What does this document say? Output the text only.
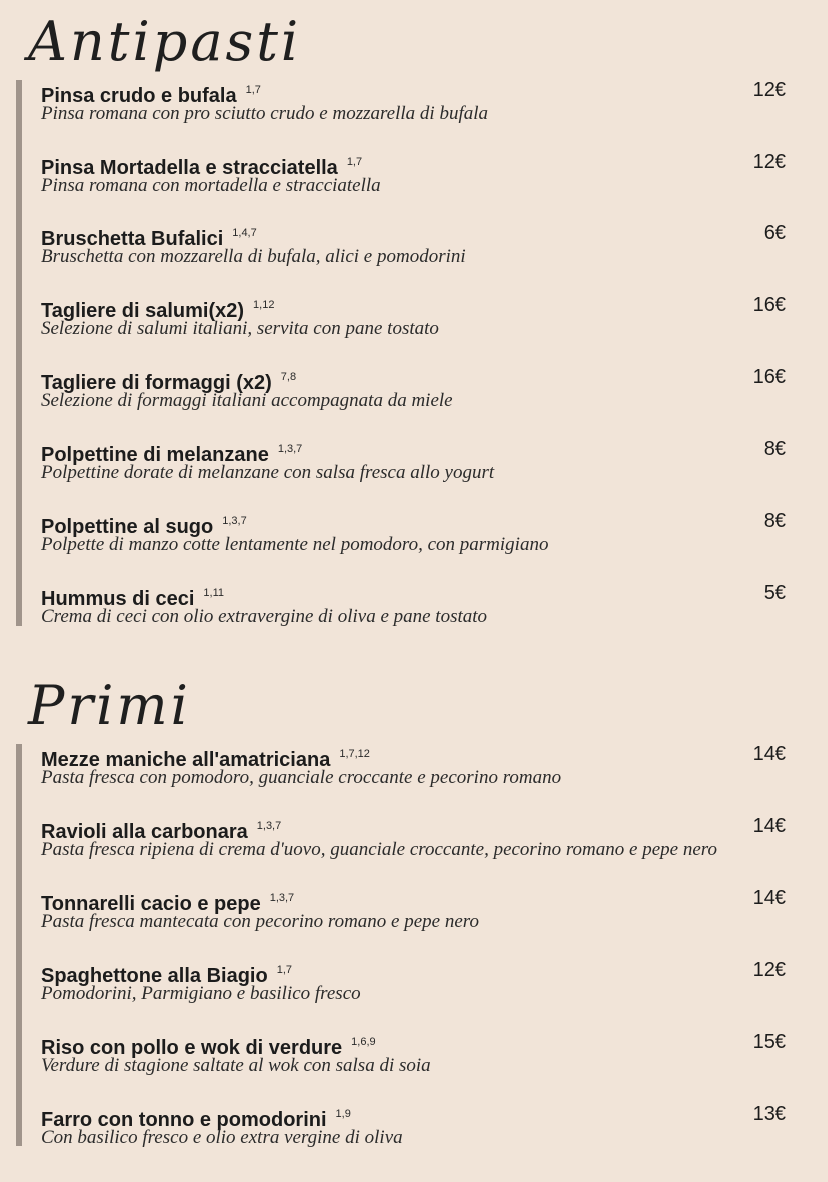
Antipasti
Pinsa crudo e bufala $^{1,7}$
Pinsa romana con pro sciutto crudo e mozzarella di bufala
12€
Pinsa Mortadella e stracciatella $^{1,7}$
Pinsa romana con mortadella e stracciatella
12€
Bruschetta Bufalici $^{1,4,7}$
Bruschetta con mozzarella di bufala, alici e pomodorini
6€
Tagliere di salumi(x2) $^{1,12}$
Selezione di salumi italiani, servita con pane tostato
16€
Tagliere di formaggi (x2) $^{7,8}$
Selezione di formaggi italiani accompagnata da miele
16€
Polpettine di melanzane $^{1,3,7}$
Polpettine dorate di melanzane con salsa fresca allo yogurt
8€
Polpettine al sugo $^{1,3,7}$
Polpette di manzo cotte lentamente nel pomodoro, con parmigiano
8€
Hummus di ceci $^{1,11}$
Crema di ceci con olio extravergine di oliva e pane tostato
5€
Primi
Mezze maniche all'amatriciana $^{1,7,12}$
Pasta fresca con pomodoro, guanciale croccante e pecorino romano
14€
Ravioli alla carbonara $^{1,3,7}$
Pasta fresca ripiena di crema d'uovo, guanciale croccante, pecorino romano e pepe nero
14€
Tonnarelli cacio e pepe $^{1,3,7}$
Pasta fresca mantecata con pecorino romano e pepe nero
14€
Spaghettone alla Biagio $^{1,7}$
Pomodorini, Parmigiano e basilico fresco
12€
Riso con pollo e wok di verdure $^{1,6,9}$
Verdure di stagione saltate al wok con salsa di soia
15€
Farro con tonno e pomodorini $^{1,9}$
Con basilico fresco e olio extra vergine di oliva
13€
